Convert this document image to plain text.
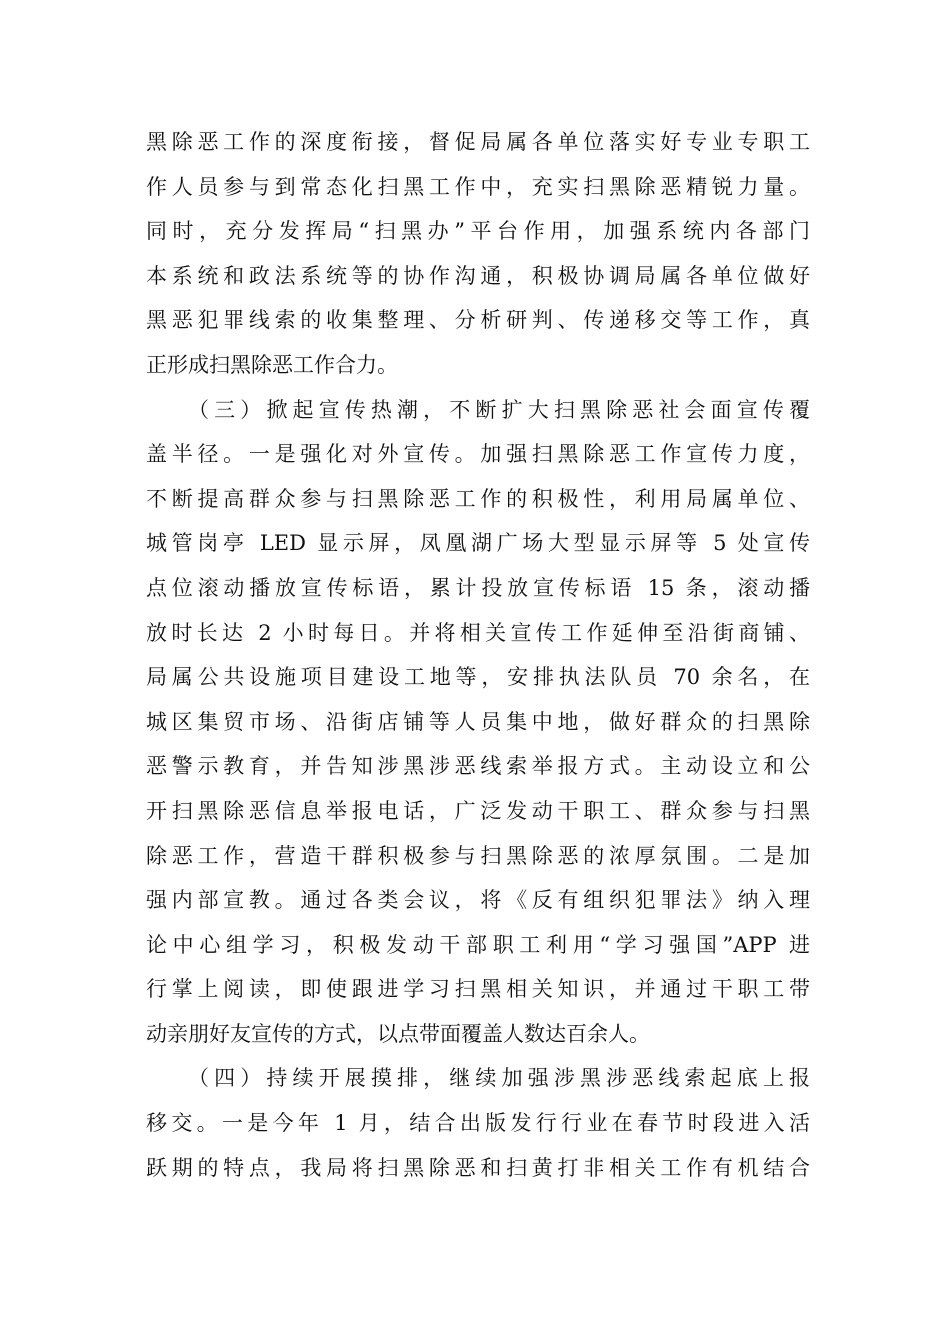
黑除恶工作的深度衔接，督促局属各单位落实好专业专职工
作人员参与到常态化扫黑工作中，充实扫黑除恶精锐力量。
同时，充分发挥局“扫黑办”平台作用，加强系统内各部门
本系统和政法系统等的协作沟通，积极协调局属各单位做好
黑恶犯罪线索的收集整理、分析研判、传递移交等工作，真
正形成扫黑除恶工作合力。
（三）掀起宣传热潮，不断扩大扫黑除恶社会面宣传覆
盖半径。一是强化对外宣传。加强扫黑除恶工作宣传力度，
不断提高群众参与扫黑除恶工作的积极性，利用局属单位、
城管岗亭 LED 显示屏，凤凰湖广场大型显示屏等 5 处宣传
点位滚动播放宣传标语，累计投放宣传标语 15 条，滚动播
放时长达 2 小时每日。并将相关宣传工作延伸至沿街商铺、
局属公共设施项目建设工地等，安排执法队员 70 余名，在
城区集贸市场、沿街店铺等人员集中地，做好群众的扫黑除
恶警示教育，并告知涉黑涉恶线索举报方式。主动设立和公
开扫黑除恶信息举报电话，广泛发动干职工、群众参与扫黑
除恶工作，营造干群积极参与扫黑除恶的浓厚氛围。二是加
强内部宣教。通过各类会议，将《反有组织犯罪法》纳入理
论中心组学习，积极发动干部职工利用“学习强国”APP 进
行掌上阅读，即使跟进学习扫黑相关知识，并通过干职工带
动亲朋好友宣传的方式，以点带面覆盖人数达百余人。
（四）持续开展摸排，继续加强涉黑涉恶线索起底上报
移交。一是今年 1 月，结合出版发行行业在春节时段进入活
跃期的特点，我局将扫黑除恶和扫黄打非相关工作有机结合
